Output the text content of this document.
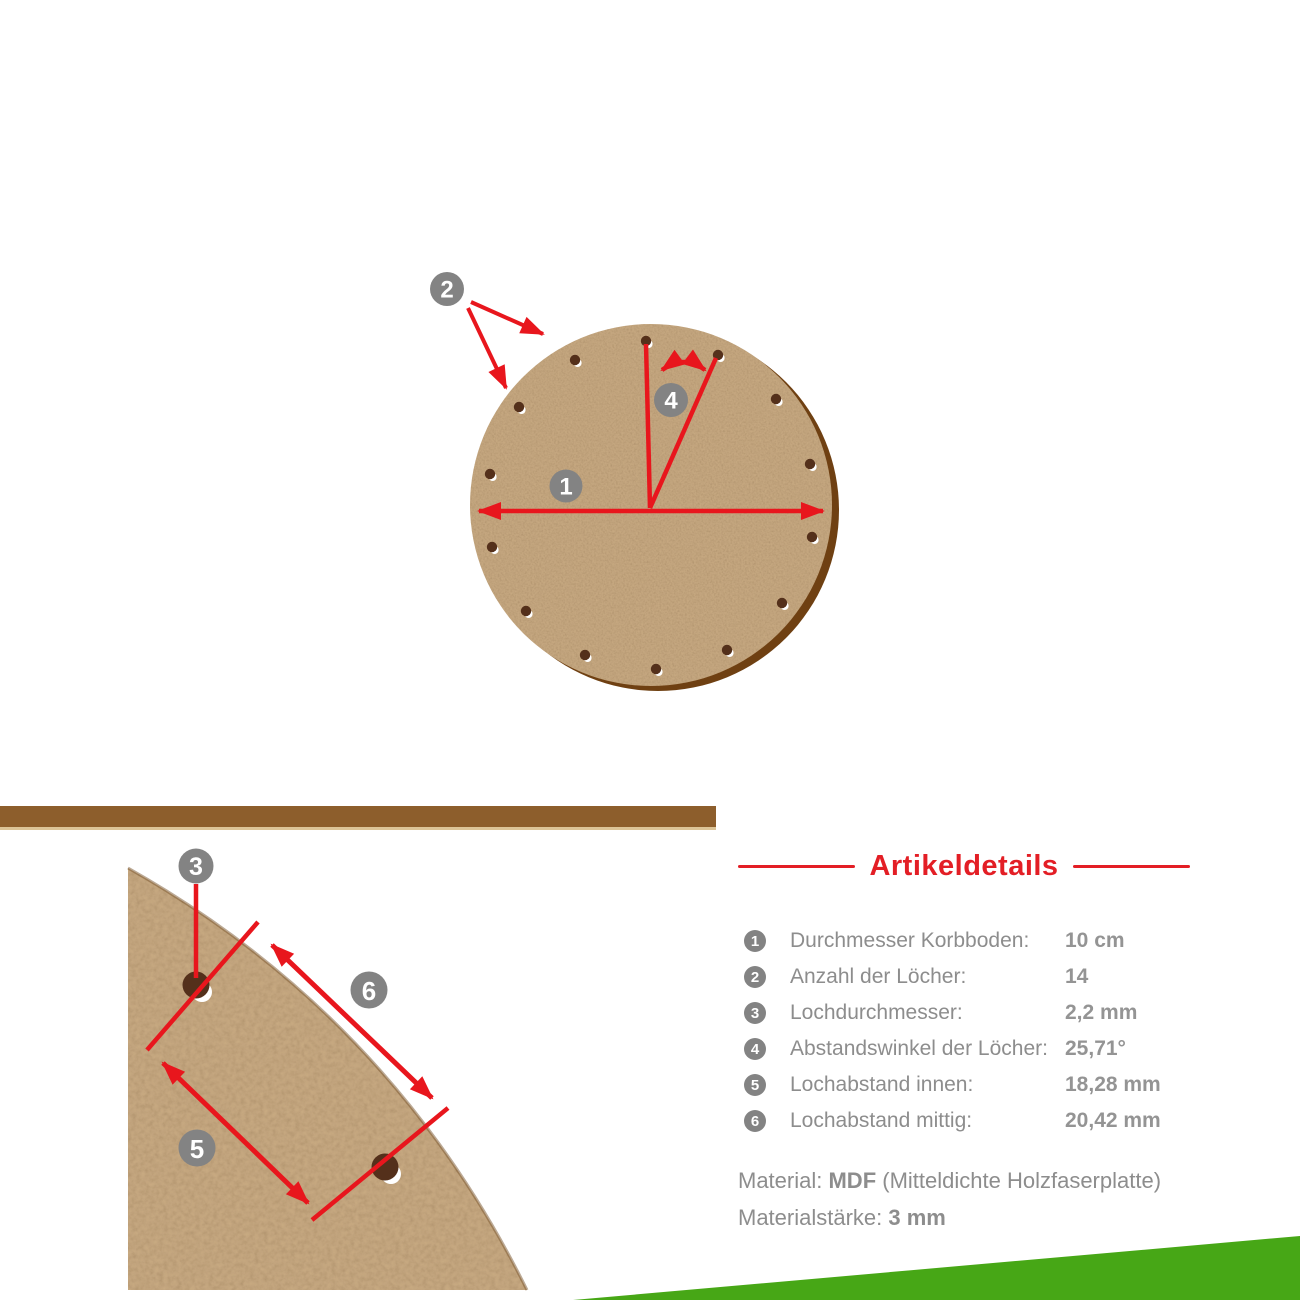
1
2
4
3
6
5
Artikeldetails
1	Durchmesser Korbboden:	10 cm
2	Anzahl der Löcher:	14
3	Lochdurchmesser:	2,2 mm
4	Abstandswinkel der Löcher: 25,71°
5	Lochabstand innen:	18,28 mm
6	Lochabstand mittig:	20,42 mm
Material: MDF (Mitteldichte Holzfaserplatte)
Materialstärke: 3 mm
